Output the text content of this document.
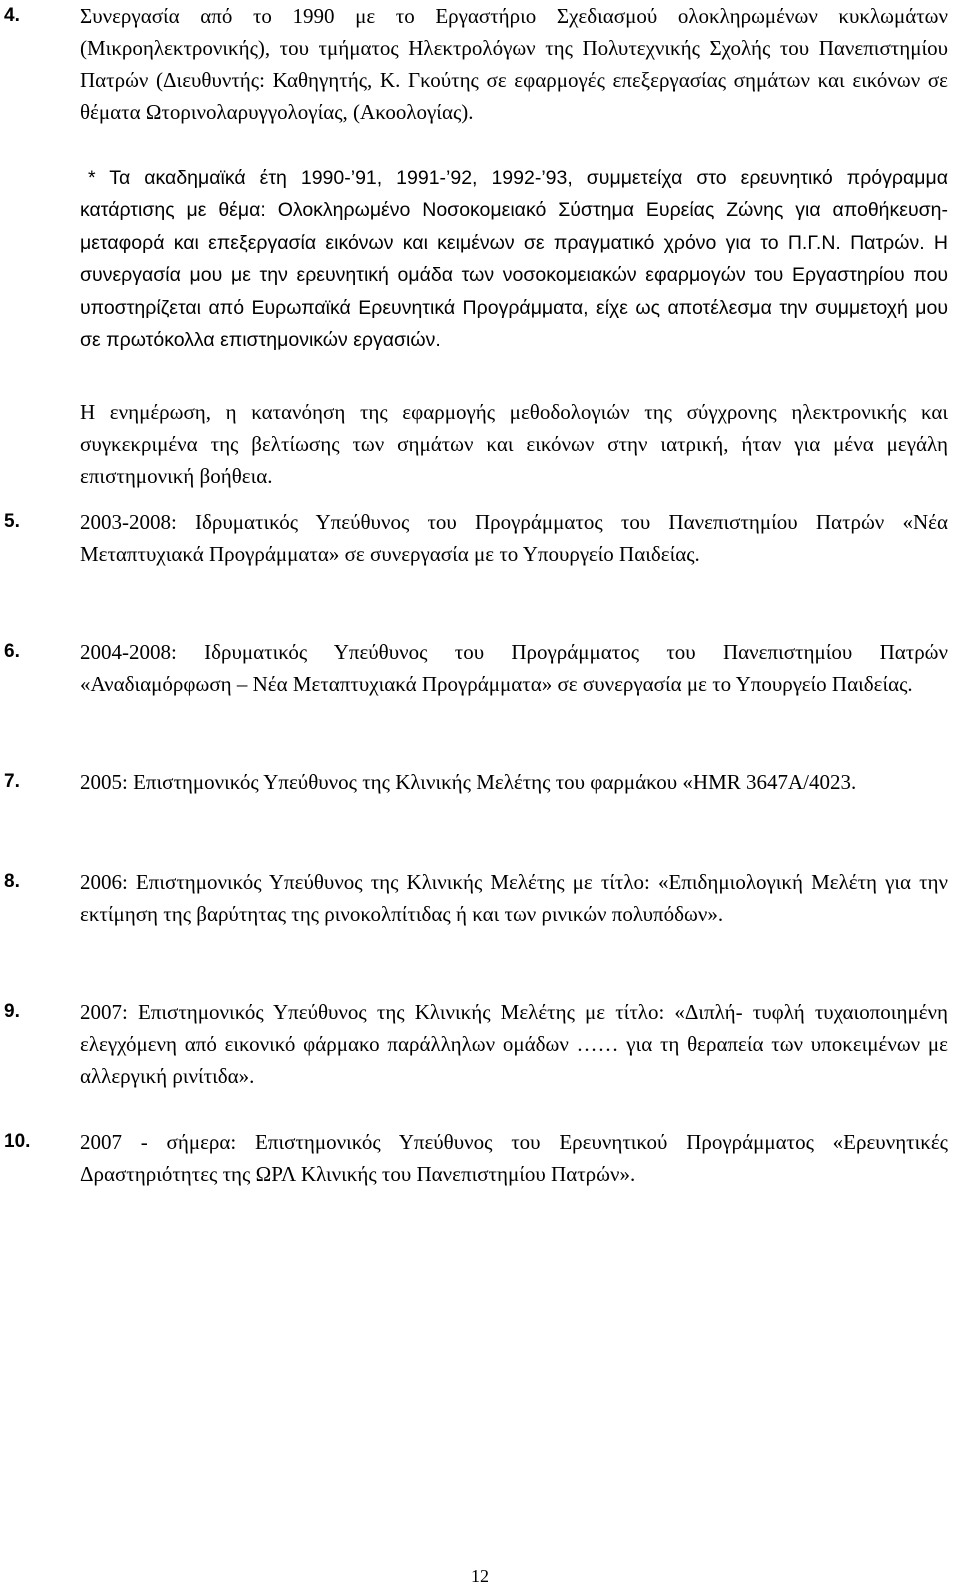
4.	Συνεργασία από το 1990 με το Εργαστήριο Σχεδιασμού ολοκληρωμένων κυκλωμάτων (Μικροηλεκτρονικής), του τμήματος Ηλεκτρολόγων της Πολυτεχνικής Σχολής του Πανεπιστημίου Πατρών (Διευθυντής: Καθηγητής, Κ. Γκούτης σε εφαρμογές επεξεργασίας σημάτων και εικόνων σε θέματα Ωτορινολαρυγγολογίας, (Ακοολογίας).

* Τα ακαδημαϊκά έτη 1990-’91, 1991-’92, 1992-’93, συμμετείχα στο ερευνητικό πρόγραμμα κατάρτισης με θέμα: Ολοκληρωμένο Νοσοκομειακό Σύστημα Ευρείας Ζώνης για αποθήκευση- μεταφορά και επεξεργασία εικόνων και κειμένων σε πραγματικό χρόνο για το Π.Γ.Ν. Πατρών. Η συνεργασία μου με την ερευνητική ομάδα των νοσοκομειακών εφαρμογών του Εργαστηρίου που υποστηρίζεται από Ευρωπαϊκά Ερευνητικά Προγράμματα, είχε ως αποτέλεσμα την συμμετοχή μου σε πρωτόκολλα επιστημονικών εργασιών.

Η ενημέρωση, η κατανόηση της εφαρμογής μεθοδολογιών της σύγχρονης ηλεκτρονικής και συγκεκριμένα της βελτίωσης των σημάτων και εικόνων στην ιατρική, ήταν για μένα μεγάλη επιστημονική βοήθεια.

5.	2003-2008: Ιδρυματικός Υπεύθυνος του Προγράμματος του Πανεπιστημίου Πατρών «Νέα Μεταπτυχιακά Προγράμματα» σε συνεργασία με το Υπουργείο Παιδείας.
6.	2004-2008: Ιδρυματικός Υπεύθυνος του Προγράμματος του Πανεπιστημίου Πατρών «Αναδιαμόρφωση – Νέα Μεταπτυχιακά Προγράμματα» σε συνεργασία με το Υπουργείο Παιδείας.
7.	2005: Επιστημονικός Υπεύθυνος της Κλινικής Μελέτης του φαρμάκου «HMR 3647A/4023.
8.	2006: Επιστημονικός Υπεύθυνος της Κλινικής Μελέτης με τίτλο: «Επιδημιολογική Μελέτη για την εκτίμηση της βαρύτητας της ρινοκολπίτιδας ή και των ρινικών πολυπόδων».
9.	2007: Επιστημονικός Υπεύθυνος της Κλινικής Μελέτης με τίτλο: «Διπλή- τυφλή τυχαιοποιημένη ελεγχόμενη από εικονικό φάρμακο παράλληλων ομάδων …… για τη θεραπεία των υποκειμένων με αλλεργική ρινίτιδα».
10. 2007 - σήμερα: Επιστημονικός Υπεύθυνος του Ερευνητικού Προγράμματος «Ερευνητικές Δραστηριότητες της ΩΡΛ Κλινικής του Πανεπιστημίου Πατρών».
12
